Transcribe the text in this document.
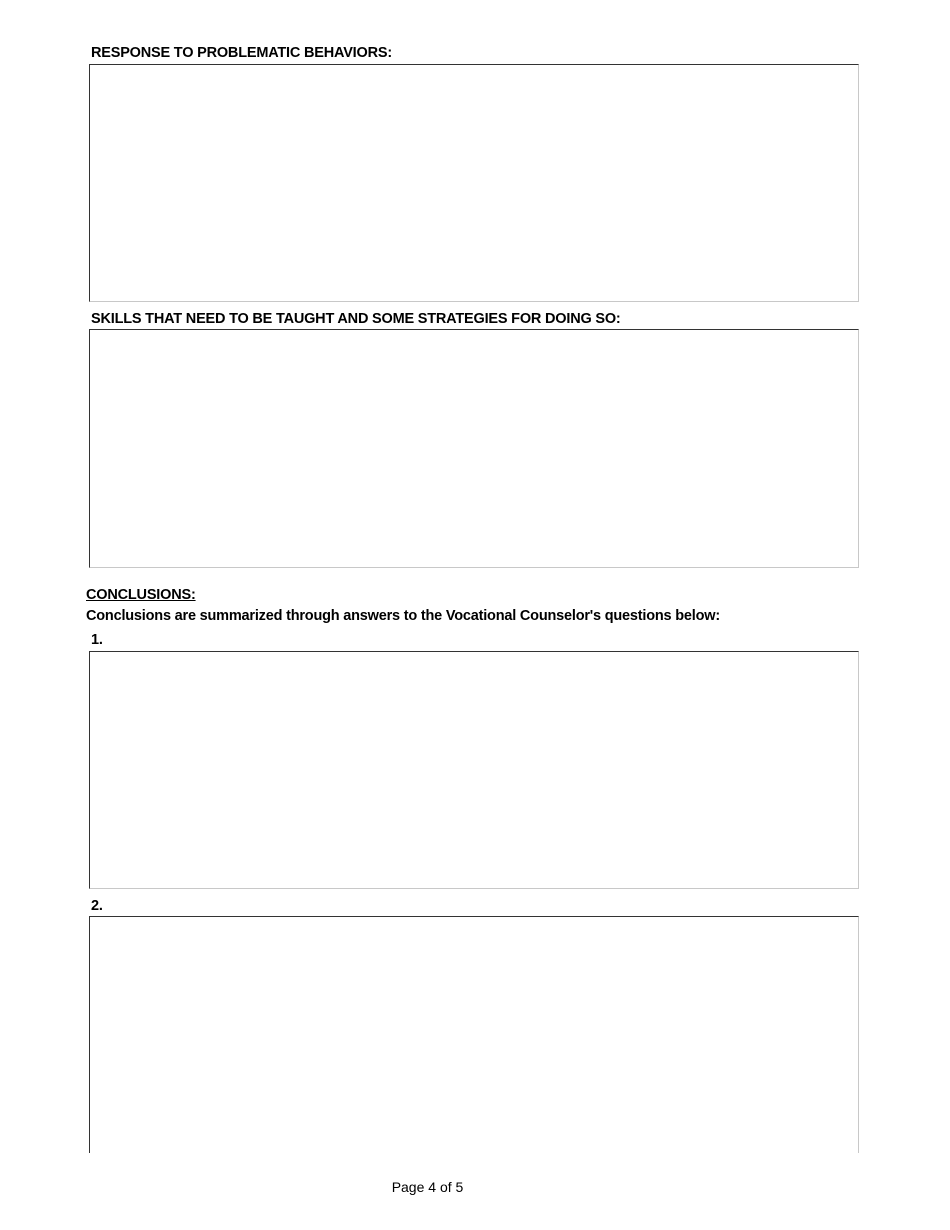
RESPONSE TO PROBLEMATIC BEHAVIORS:
SKILLS THAT NEED TO BE TAUGHT AND SOME STRATEGIES FOR DOING SO:
CONCLUSIONS:
Conclusions are summarized through answers to the Vocational Counselor's questions below:
1.
2.
Page 4 of 5
